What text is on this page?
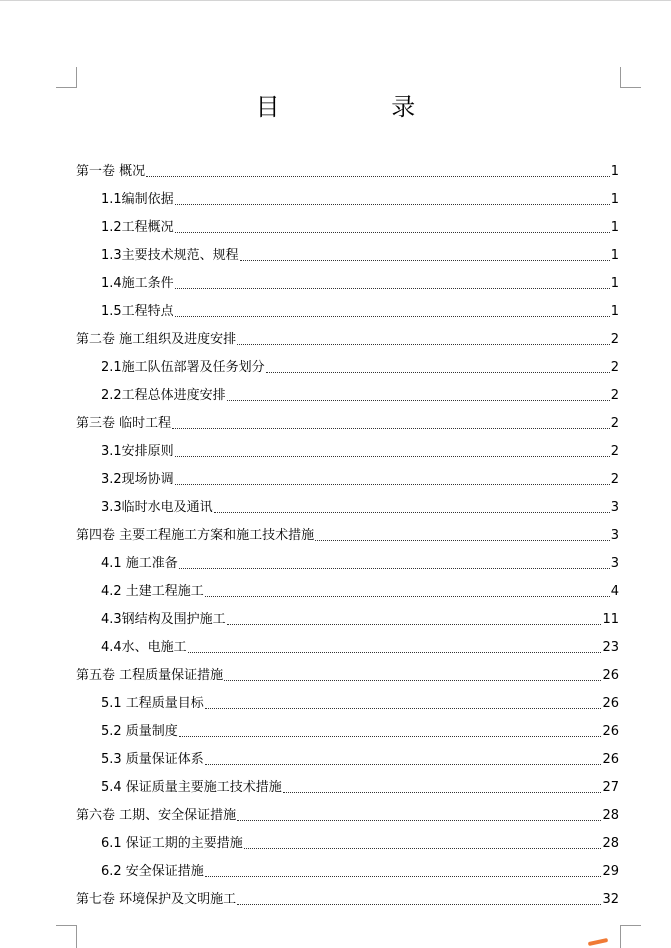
目 录
第一卷 概况	1
1.1编制依据	1
1.2工程概况	1
1.3主要技术规范、规程	1
1.4施工条件	1
1.5工程特点	1
第二卷 施工组织及进度安排	2
2.1施工队伍部署及任务划分	2
2.2工程总体进度安排	2
第三卷 临时工程	2
3.1安排原则	2
3.2现场协调	2
3.3临时水电及通讯	3
第四卷 主要工程施工方案和施工技术措施	3
4.1 施工准备	3
4.2 土建工程施工	4
4.3钢结构及围护施工	11
4.4水、电施工	23
第五卷 工程质量保证措施	26
5.1 工程质量目标	26
5.2 质量制度	26
5.3 质量保证体系	26
5.4 保证质量主要施工技术措施	27
第六卷 工期、安全保证措施	28
6.1 保证工期的主要措施	28
6.2 安全保证措施	29
第七卷 环境保护及文明施工	32
